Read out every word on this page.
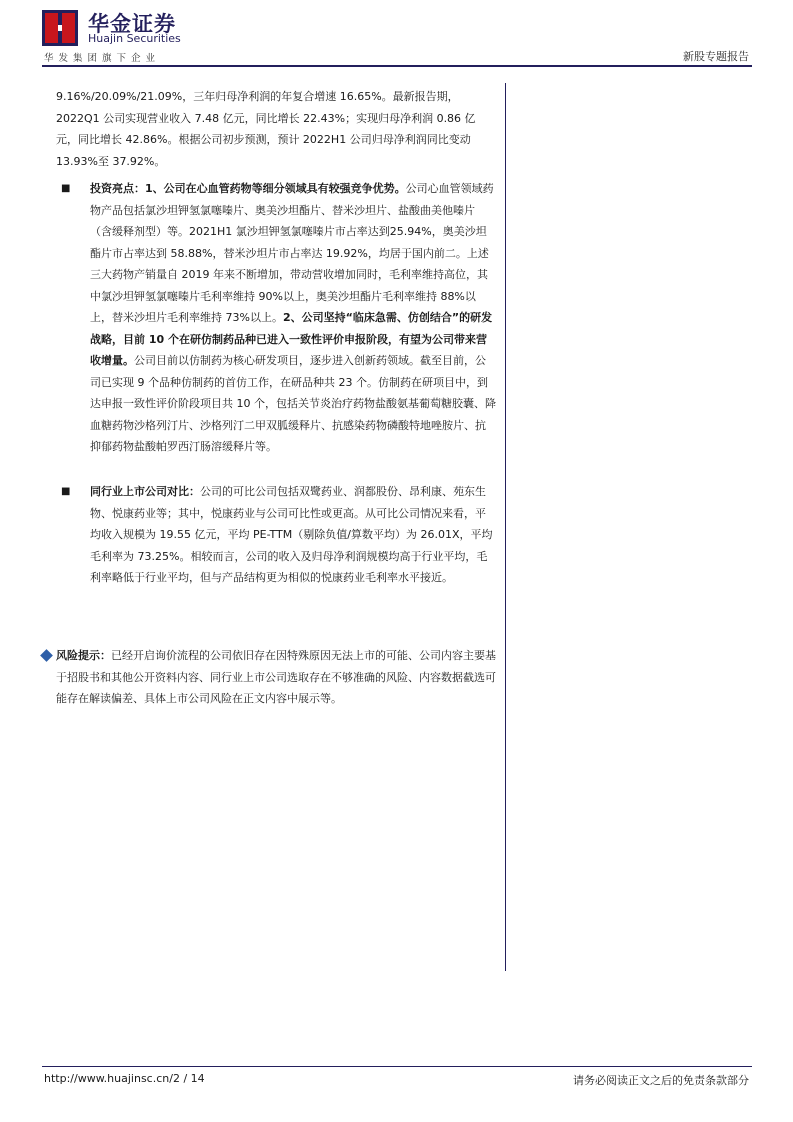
华金证券
Huajin Securities
华发集团旗下企业	新股专题报告
9.16%/20.09%/21.09%，三年归母净利润的年复合增速 16.65%。最新报告期，2022Q1 公司实现营业收入 7.48 亿元，同比增长 22.43%；实现归母净利润 0.86 亿元，同比增长 42.86%。根据公司初步预测，预计 2022H1 公司归母净利润同比变动 13.93%至 37.92%。
■ 投资亮点：1、公司在心血管药物等细分领域具有较强竞争优势。公司心血管领域药物产品包括氯沙坦钾氢氯噻嗪片、奥美沙坦酯片、替米沙坦片、盐酸曲美他嗪片（含缓释剂型）等。2021H1 氯沙坦钾氢氯噻嗪片市占率达到25.94%，奥美沙坦酯片市占率达到 58.88%，替米沙坦片市占率达 19.92%，均居于国内前二。上述三大药物产销量自 2019 年来不断增加，带动营收增加同时，毛利率维持高位，其中氯沙坦钾氢氯噻嗪片毛利率维持 90%以上，奥美沙坦酯片毛利率维持 88%以上，替米沙坦片毛利率维持 73%以上。2、公司坚持“临床急需、仿创结合”的研发战略，目前 10 个在研仿制药品种已进入一致性评价申报阶段，有望为公司带来营收增量。公司目前以仿制药为核心研发项目，逐步进入创新药领域。截至目前，公司已实现 9 个品种仿制药的首仿工作，在研品种共 23 个。仿制药在研项目中，到达申报一致性评价阶段项目共 10 个，包括关节炎治疗药物盐酸氨基葡萄糖胶囊、降血糖药物沙格列汀片、沙格列汀二甲双胍缓释片、抗感染药物磷酸特地唑胺片、抗抑郁药物盐酸帕罗西汀肠溶缓释片等。
■ 同行业上市公司对比：公司的可比公司包括双鹭药业、润都股份、昂利康、苑东生物、悦康药业等；其中，悦康药业与公司可比性或更高。从可比公司情况来看，平均收入规模为 19.55 亿元，平均 PE-TTM（剔除负值/算数平均）为 26.01X，平均毛利率为 73.25%。相较而言，公司的收入及归母净利润规模均高于行业平均，毛利率略低于行业平均，但与产品结构更为相似的悦康药业毛利率水平接近。
风险提示：已经开启询价流程的公司依旧存在因特殊原因无法上市的可能、公司内容主要基于招股书和其他公开资料内容、同行业上市公司选取存在不够准确的风险、内容数据截选可能存在解读偏差、具体上市公司风险在正文内容中展示等。
http://www.huajinsc.cn/2 / 14	请务必阅读正文之后的免责条款部分
